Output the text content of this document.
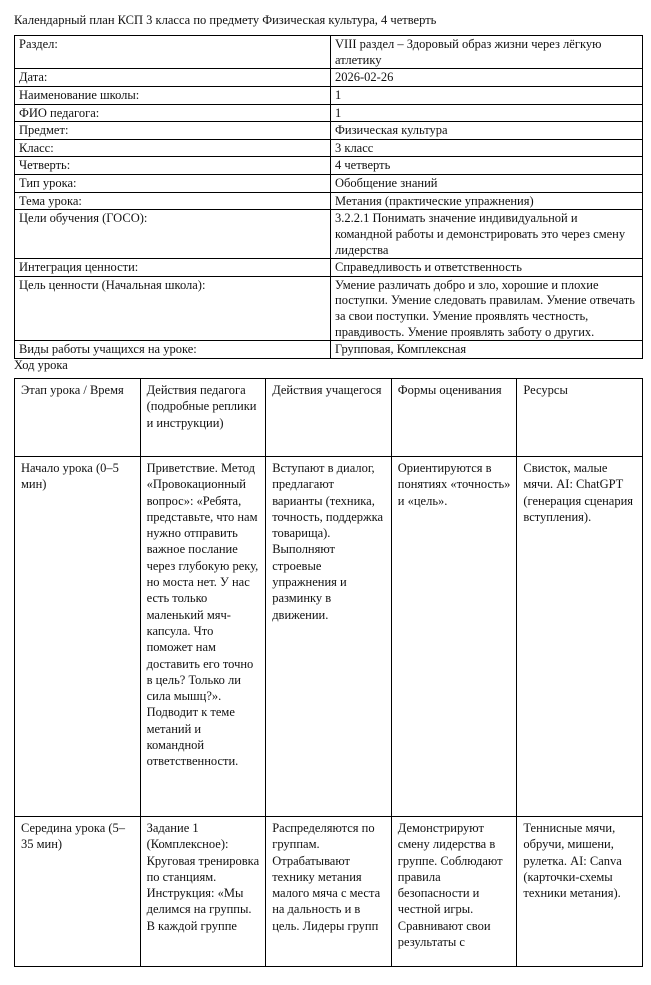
Календарный план КСП 3 класса по предмету Физическая культура, 4 четверть
Раздел:	VIII раздел – Здоровый образ жизни через лёгкую атлетику
Дата:	2026-02-26
Наименование школы:	1
ФИО педагога:	1
Предмет:	Физическая культура
Класс:	3 класс
Четверть:	4 четверть
Тип урока:	Обобщение знаний
Тема урока:	Метания (практические упражнения)
Цели обучения (ГОСО):	3.2.2.1 Понимать значение индивидуальной и командной работы и демонстрировать это через смену лидерства
Интеграция ценности:	Справедливость и ответственность
Цель ценности (Начальная школа):	Умение различать добро и зло, хорошие и плохие поступки. Умение следовать правилам. Умение отвечать за свои поступки. Умение проявлять честность, правдивость. Умение проявлять заботу о других.
Виды работы учащихся на уроке:	Групповая, Комплексная
Ход урока
Этап урока / Время	Действия педагога (подробные реплики и инструкции)	Действия учащегося	Формы оценивания	Ресурсы
Начало урока (0–5 мин)	Приветствие. Метод «Провокационный вопрос»: «Ребята, представьте, что нам нужно отправить важное послание через глубокую реку, но моста нет. У нас есть только маленький мяч-капсула. Что поможет нам доставить его точно в цель? Только ли сила мышц?». Подводит к теме метаний и командной ответственности.	Вступают в диалог, предлагают варианты (техника, точность, поддержка товарища). Выполняют строевые упражнения и разминку в движении.	Ориентируются в понятиях «точность» и «цель».	Свисток, малые мячи. AI: ChatGPT (генерация сценария вступления).
Середина урока (5–35 мин)	Задание 1 (Комплексное): Круговая тренировка по станциям. Инструкция: «Мы делимся на группы. В каждой группе	Распределяются по группам. Отрабатывают технику метания малого мяча с места на дальность и в цель. Лидеры групп	Демонстрируют смену лидерства в группе. Соблюдают правила безопасности и честной игры. Сравнивают свои результаты с	Теннисные мячи, обручи, мишени, рулетка. AI: Canva (карточки-схемы техники метания).
